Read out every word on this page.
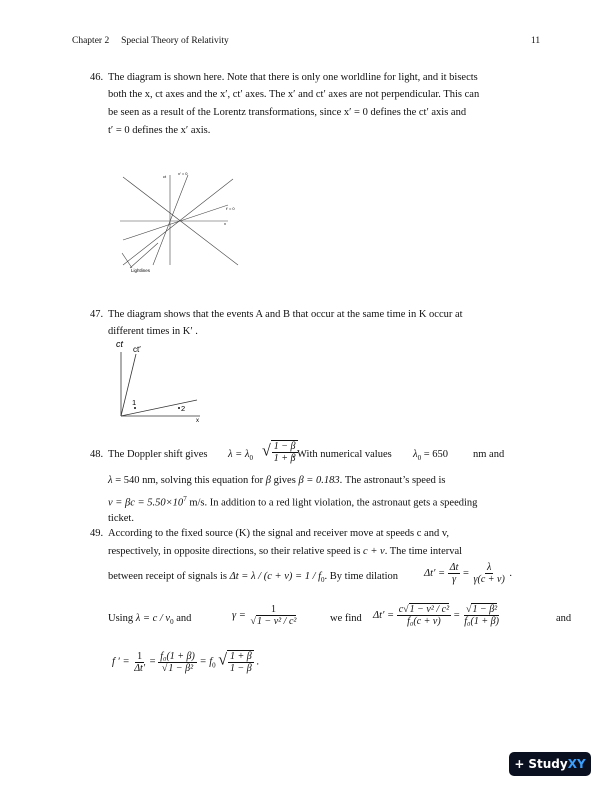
Chapter 2 Special Theory of Relativity	11
46. The diagram is shown here. Note that there is only one worldline for light, and it bisects
both the x, ct axes and the x′, ct′ axes. The x′ and ct′ axes are not perpendicular. This can
be seen as a result of the Lorentz transformations, since x′ = 0 defines the ct′ axis and
t′ = 0 defines the x′ axis.
ct
x′ = 0
t′ = 0
x
Lightlines
47. The diagram shows that the events A and B that occur at the same time in K occur at
different times in K′ .
ct
ct′
1
2
x
48. The Doppler shift gives $\lambda = \lambda_0$ √ $\frac{1 - \beta}{1 + \beta}$
. With numerical values $\lambda_0 = 650$ nm and
λ = 540 nm, solving this equation for β gives β = 0.183. The astronaut’s speed is
$v = \beta c = 5.50\times 10^7$ m/s. In addition to a red light violation, the astronaut gets a speeding
ticket.
49. According to the fixed source (K) the signal and receiver move at speeds c and v,
respectively, in opposite directions, so their relative speed is c + v. The time interval
between receipt of signals is $\Delta t = \lambda / (c + v) = 1 / f_0$. By time dilation $\Delta t' = \frac{\Delta t}{\gamma} = \frac{\lambda}{\gamma(c + v)}$ .
Using $\lambda = c / v_0$ and	$\gamma = \frac{1}{\text{√1 − v² / c²}}$	we find $\Delta t' = \frac{\text{c√1 − v² / c²}}{\text{f₀(c + v)}} = \frac{\text{√1 − β²}}{\text{f₀(1 + β)}}$	and
f ′ = $\frac{1}{\Delta t'} = \frac{\text{f₀(1 + β)}}{\text{√1 − β²}} = f_0$ √ $\frac{1 + \beta}{1 - \beta}$ .
+ Study XY
